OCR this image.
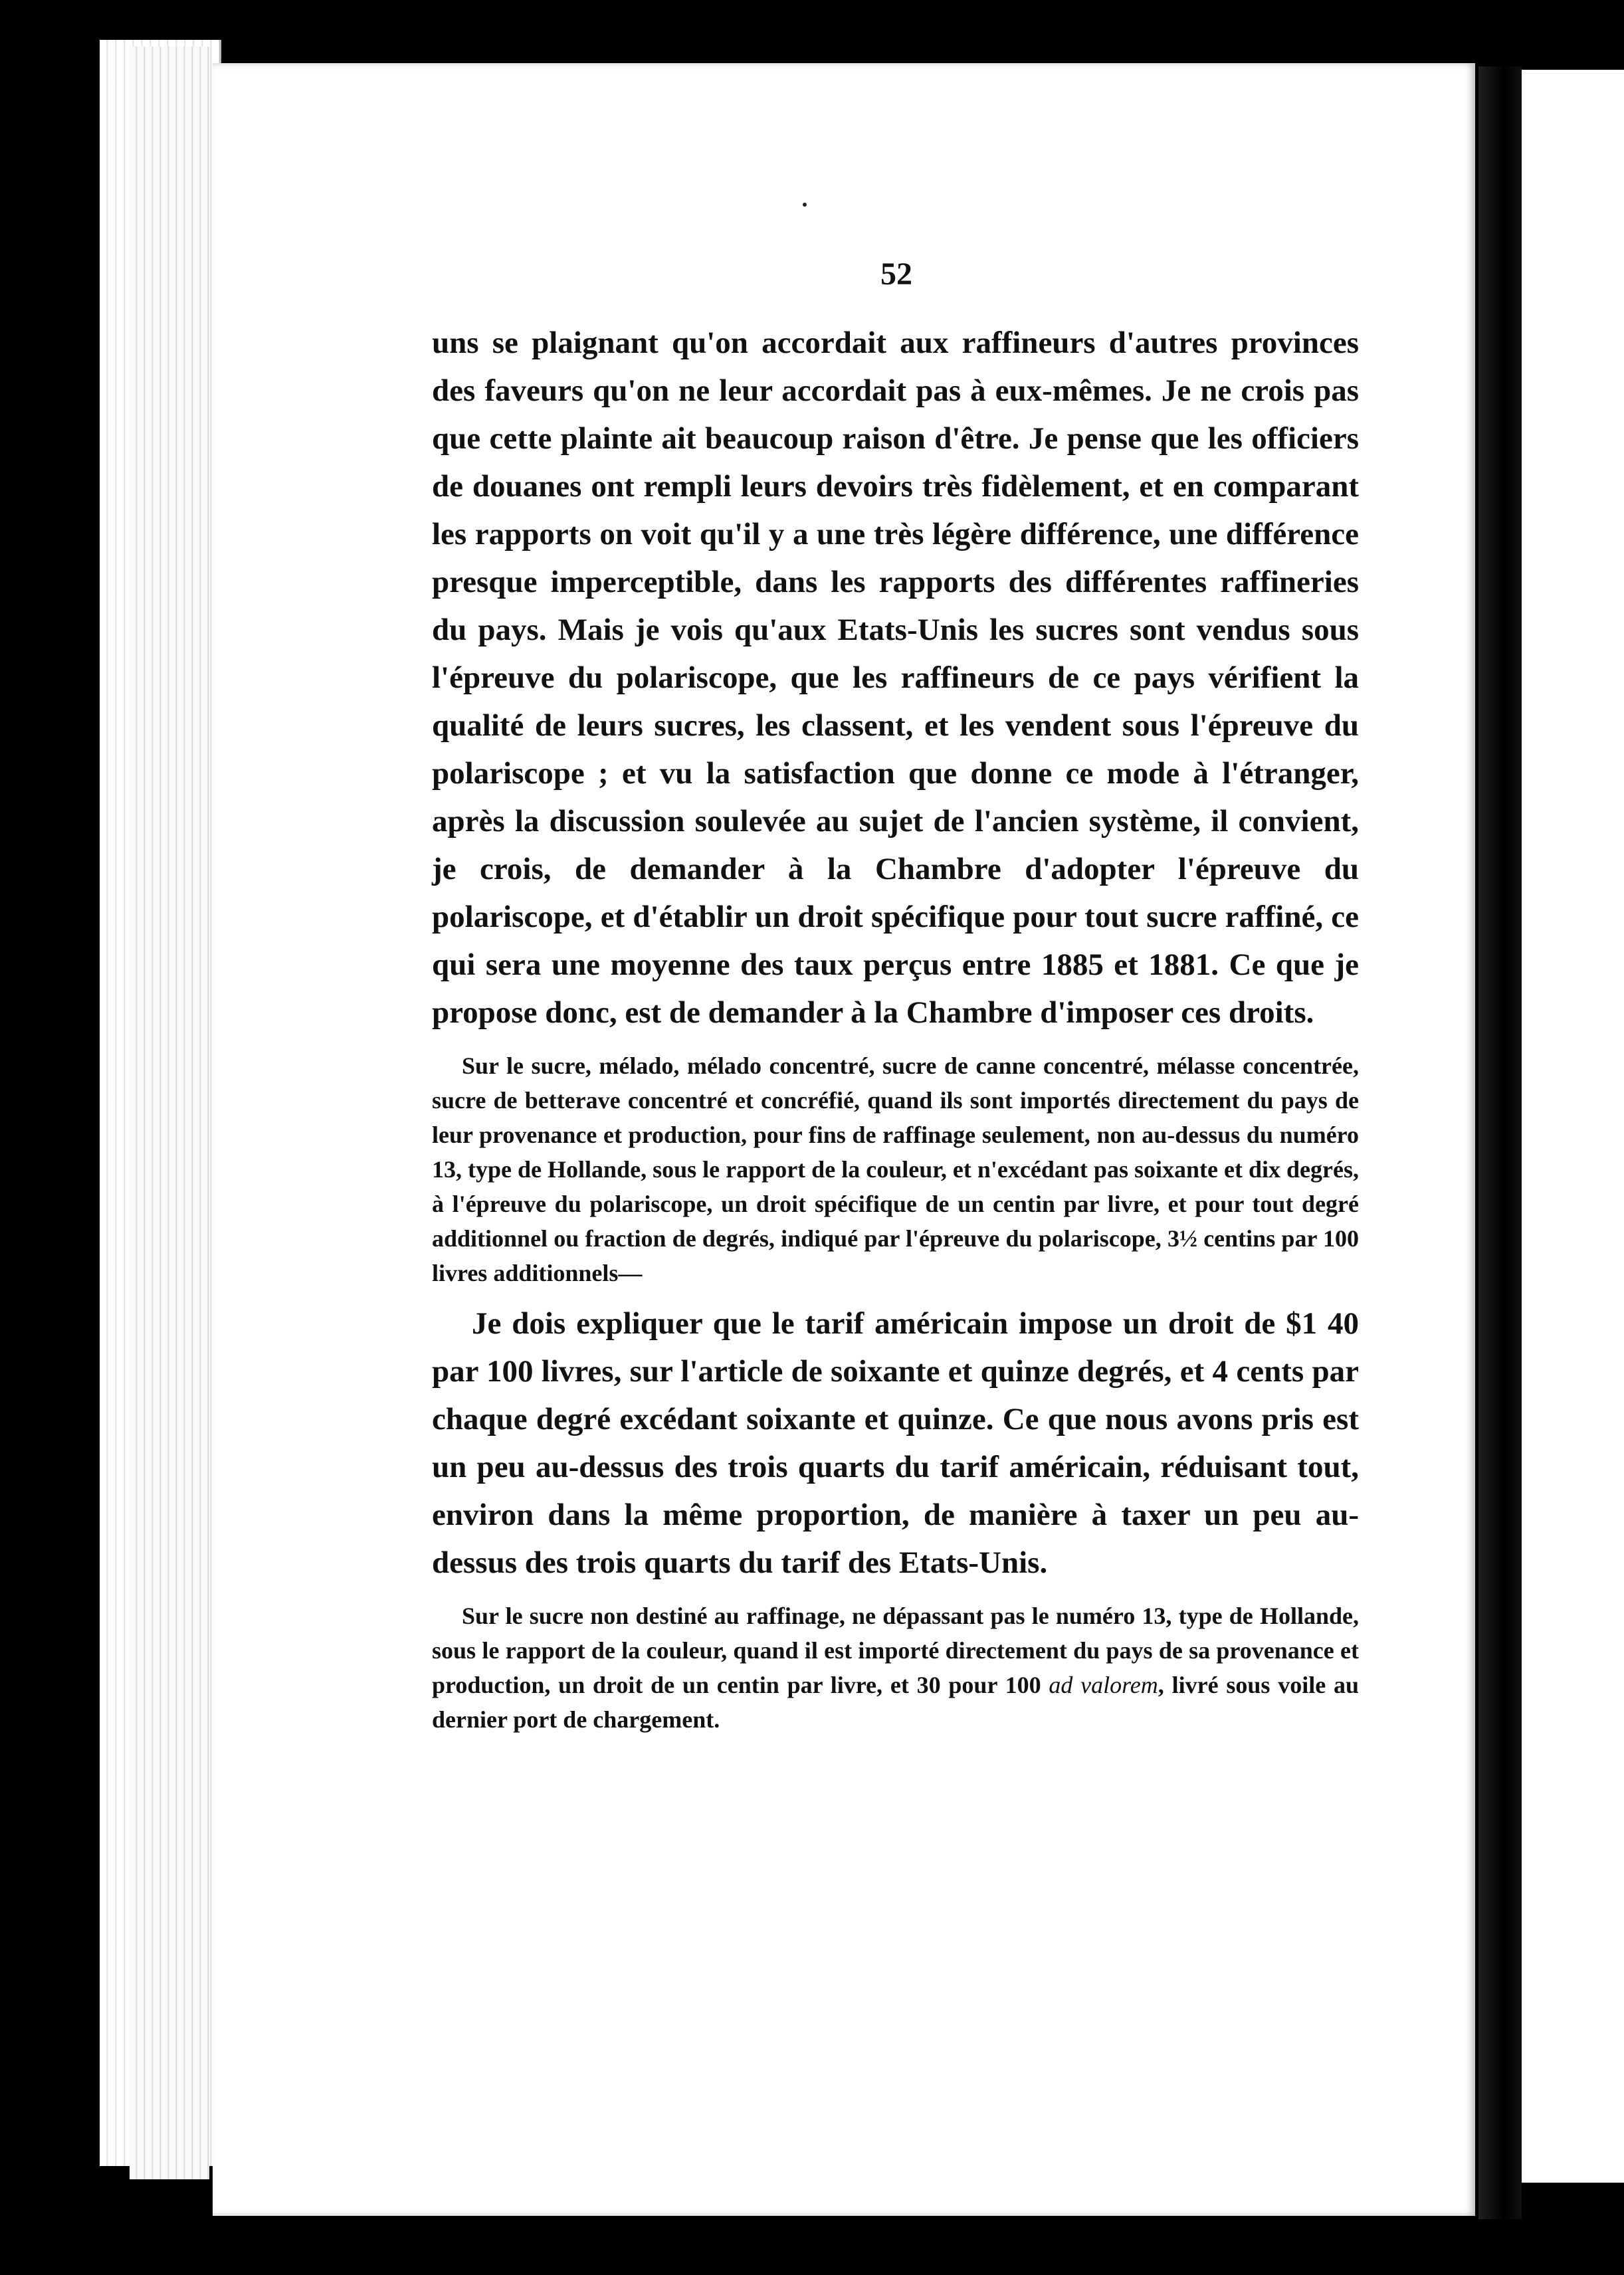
52

uns se plaignant qu'on accordait aux raffineurs d'autres provinces des faveurs qu'on ne leur accordait pas à eux-mêmes. Je ne crois pas que cette plainte ait beaucoup raison d'être. Je pense que les officiers de douanes ont rempli leurs devoirs très fidèlement, et en comparant les rapports on voit qu'il y a une très légère différence, une différence presque imperceptible, dans les rapports des différentes raffineries du pays. Mais je vois qu'aux Etats-Unis les sucres sont vendus sous l'épreuve du polariscope, que les raffineurs de ce pays vérifient la qualité de leurs sucres, les classent, et les vendent sous l'épreuve du polariscope ; et vu la satisfaction que donne ce mode à l'étranger, après la discussion soulevée au sujet de l'ancien système, il convient, je crois, de demander à la Chambre d'adopter l'épreuve du polariscope, et d'établir un droit spécifique pour tout sucre raffiné, ce qui sera une moyenne des taux perçus entre 1885 et 1881. Ce que je propose donc, est de demander à la Chambre d'imposer ces droits.

Sur le sucre, mélado, mélado concentré, sucre de canne concentré, mélasse concentrée, sucre de betterave concentré et concréfié, quand ils sont importés directement du pays de leur provenance et production, pour fins de raffinage seulement, non au-dessus du numéro 13, type de Hollande, sous le rapport de la couleur, et n'excédant pas soixante et dix degrés, à l'épreuve du polariscope, un droit spécifique de un centin par livre, et pour tout degré additionnel ou fraction de degrés, indiqué par l'épreuve du polariscope, 3½ centins par 100 livres additionnels—

Je dois expliquer que le tarif américain impose un droit de $1 40 par 100 livres, sur l'article de soixante et quinze degrés, et 4 cents par chaque degré excédant soixante et quinze. Ce que nous avons pris est un peu au-dessus des trois quarts du tarif américain, réduisant tout, environ dans la même proportion, de manière à taxer un peu au-dessus des trois quarts du tarif des Etats-Unis.

Sur le sucre non destiné au raffinage, ne dépassant pas le numéro 13, type de Hollande, sous le rapport de la couleur, quand il est importé directement du pays de sa provenance et production, un droit de un centin par livre, et 30 pour 100 ad valorem, livré sous voile au dernier port de chargement.
